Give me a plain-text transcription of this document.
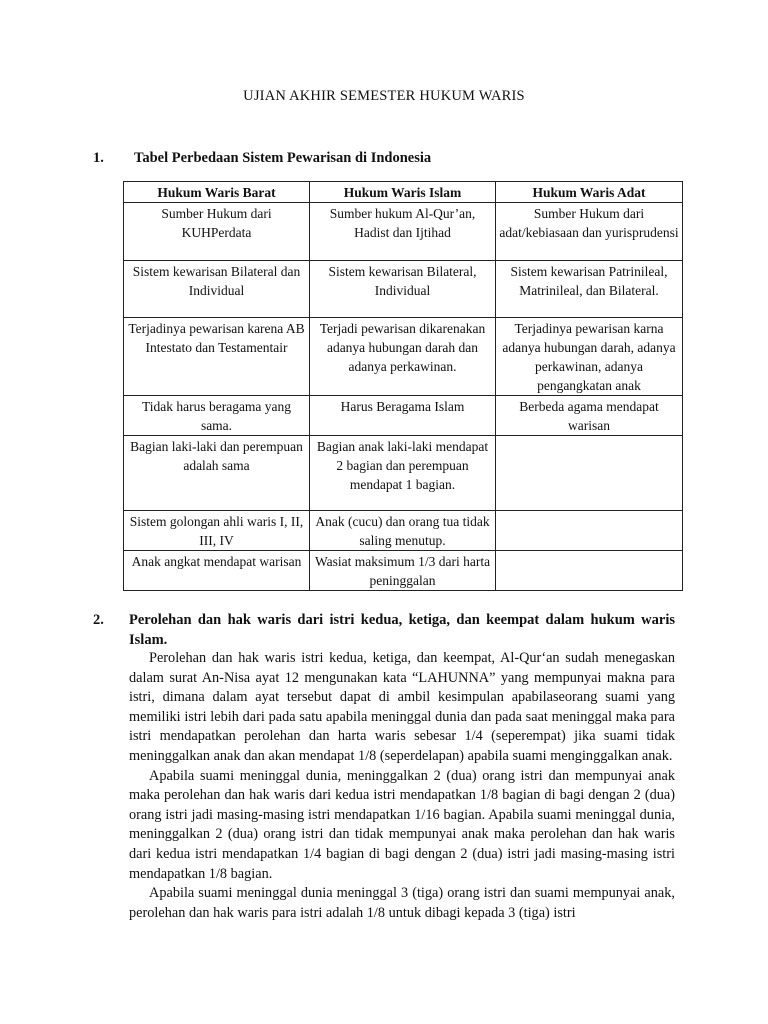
UJIAN AKHIR SEMESTER HUKUM WARIS
1. Tabel Perbedaan Sistem Pewarisan di Indonesia
Hukum Waris Barat	Hukum Waris Islam	Hukum Waris Adat
Sumber Hukum dari KUHPerdata	Sumber hukum Al-Qur’an, Hadist dan Ijtihad	Sumber Hukum dari adat/kebiasaan dan yurisprudensi
Sistem kewarisan Bilateral dan Individual	Sistem kewarisan Bilateral, Individual	Sistem kewarisan Patrinileal, Matrinileal, dan Bilateral.
Terjadinya pewarisan karena AB Intestato dan Testamentair	Terjadi pewarisan dikarenakan adanya hubungan darah dan adanya perkawinan.	Terjadinya pewarisan karna adanya hubungan darah, adanya perkawinan, adanya pengangkatan anak
Tidak harus beragama yang sama.	Harus Beragama Islam	Berbeda agama mendapat warisan
Bagian laki-laki dan perempuan adalah sama	Bagian anak laki-laki mendapat 2 bagian dan perempuan mendapat 1 bagian.	
Sistem golongan ahli waris I, II, III, IV	Anak (cucu) dan orang tua tidak saling menutup.	
Anak angkat mendapat warisan	Wasiat maksimum 1/3 dari harta peninggalan	
2. Perolehan dan hak waris dari istri kedua, ketiga, dan keempat dalam hukum waris Islam.

Perolehan dan hak waris istri kedua, ketiga, dan keempat, Al-Qur‘an sudah menegaskan dalam surat An-Nisa ayat 12 mengunakan kata “LAHUNNA” yang mempunyai makna para istri, dimana dalam ayat tersebut dapat di ambil kesimpulan apabilaseorang suami yang memiliki istri lebih dari pada satu apabila meninggal dunia dan pada saat meninggal maka para istri mendapatkan perolehan dan harta waris sebesar 1/4 (seperempat) jika suami tidak meninggalkan anak dan akan mendapat 1/8 (seperdelapan) apabila suami menginggalkan anak.

Apabila suami meninggal dunia, meninggalkan 2 (dua) orang istri dan mempunyai anak maka perolehan dan hak waris dari kedua istri mendapatkan 1/8 bagian di bagi dengan 2 (dua) orang istri jadi masing-masing istri mendapatkan 1/16 bagian. Apabila suami meninggal dunia, meninggalkan 2 (dua) orang istri dan tidak mempunyai anak maka perolehan dan hak waris dari kedua istri mendapatkan 1/4 bagian di bagi dengan 2 (dua) istri jadi masing-masing istri mendapatkan 1/8 bagian.

Apabila suami meninggal dunia meninggal 3 (tiga) orang istri dan suami mempunyai anak, perolehan dan hak waris para istri adalah 1/8 untuk dibagi kepada 3 (tiga) istri
